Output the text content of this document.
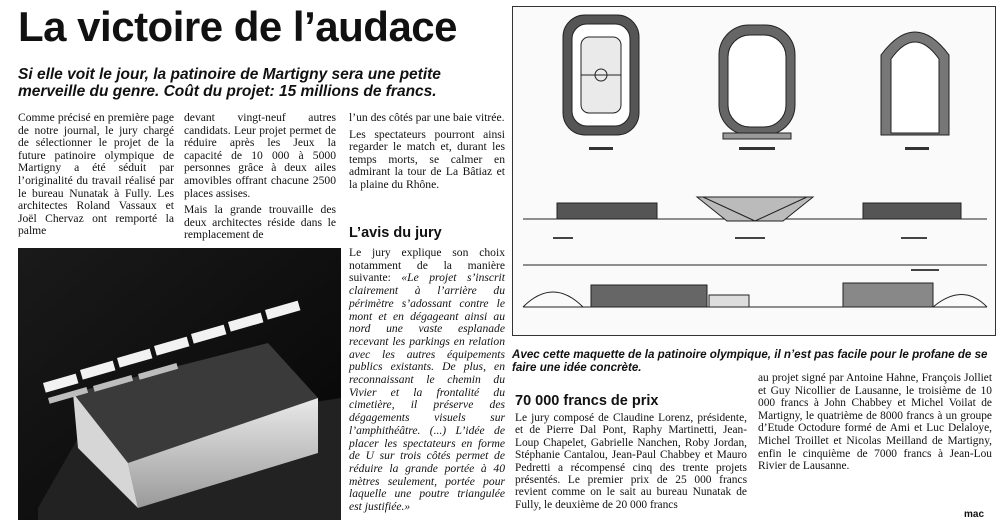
La victoire de l’audace
Si elle voit le jour, la patinoire de Martigny sera une petite merveille du genre. Coût du projet: 15 millions de francs.

Comme précisé en première page de notre journal, le jury chargé de sélectionner le projet de la future patinoire olympique de Martigny a été séduit par l’originalité du travail réalisé par le bureau Nunatak à Fully. Les architectes Roland Vassaux et Joël Chervaz ont remporté la palme

devant vingt-neuf autres candidats. Leur projet permet de réduire après les Jeux la capacité de 10 000 à 5000 personnes grâce à deux ailes amovibles offrant chacune 2500 places assises.

Mais la grande trouvaille des deux architectes réside dans le remplacement de

l’un des côtés par une baie vitrée.

Les spectateurs pourront ainsi regarder le match et, durant les temps morts, se calmer en admirant la tour de La Bâtiaz et la plaine du Rhône.

L’avis du jury

Le jury explique son choix notamment de la manière suivante: «Le projet s’inscrit clairement à l’arrière du périmètre s’adossant contre le mont et en dégageant ainsi au nord une vaste esplanade recevant les parkings en relation avec les autres équipements publics existants. De plus, en reconnaissant le chemin du Vivier et la frontalité du cimetière, il préserve des dégagements visuels sur l’amphithéâtre. (...) L’idée de placer les spectateurs en forme de U sur trois côtés permet de réduire la grande portée à 40 mètres seulement, portée pour laquelle une poutre triangulée est justifiée.»

Avec cette maquette de la patinoire olympique, il n’est pas facile pour le profane de se faire une idée concrète.
70 000 francs de prix

Le jury composé de Claudine Lorenz, présidente, et de Pierre Dal Pont, Raphy Martinetti, Jean-Loup Chapelet, Gabrielle Nanchen, Roby Jordan, Stéphanie Cantalou, Jean-Paul Chabbey et Mauro Pedretti a récompensé cinq des trente projets présentés. Le premier prix de 25 000 francs revient comme on le sait au bureau Nunatak de Fully, le deuxième de 20 000 francs

au projet signé par Antoine Hahne, François Jolliet et Guy Nicollier de Lausanne, le troisième de 10 000 francs à John Chabbey et Michel Voilat de Martigny, le quatrième de 8000 francs à un groupe d’Etude Octodure formé de Ami et Luc Delaloye, Michel Troillet et Nicolas Meilland de Martigny, enfin le cinquième de 7000 francs à Jean-Lou Rivier de Lausanne.

mac
